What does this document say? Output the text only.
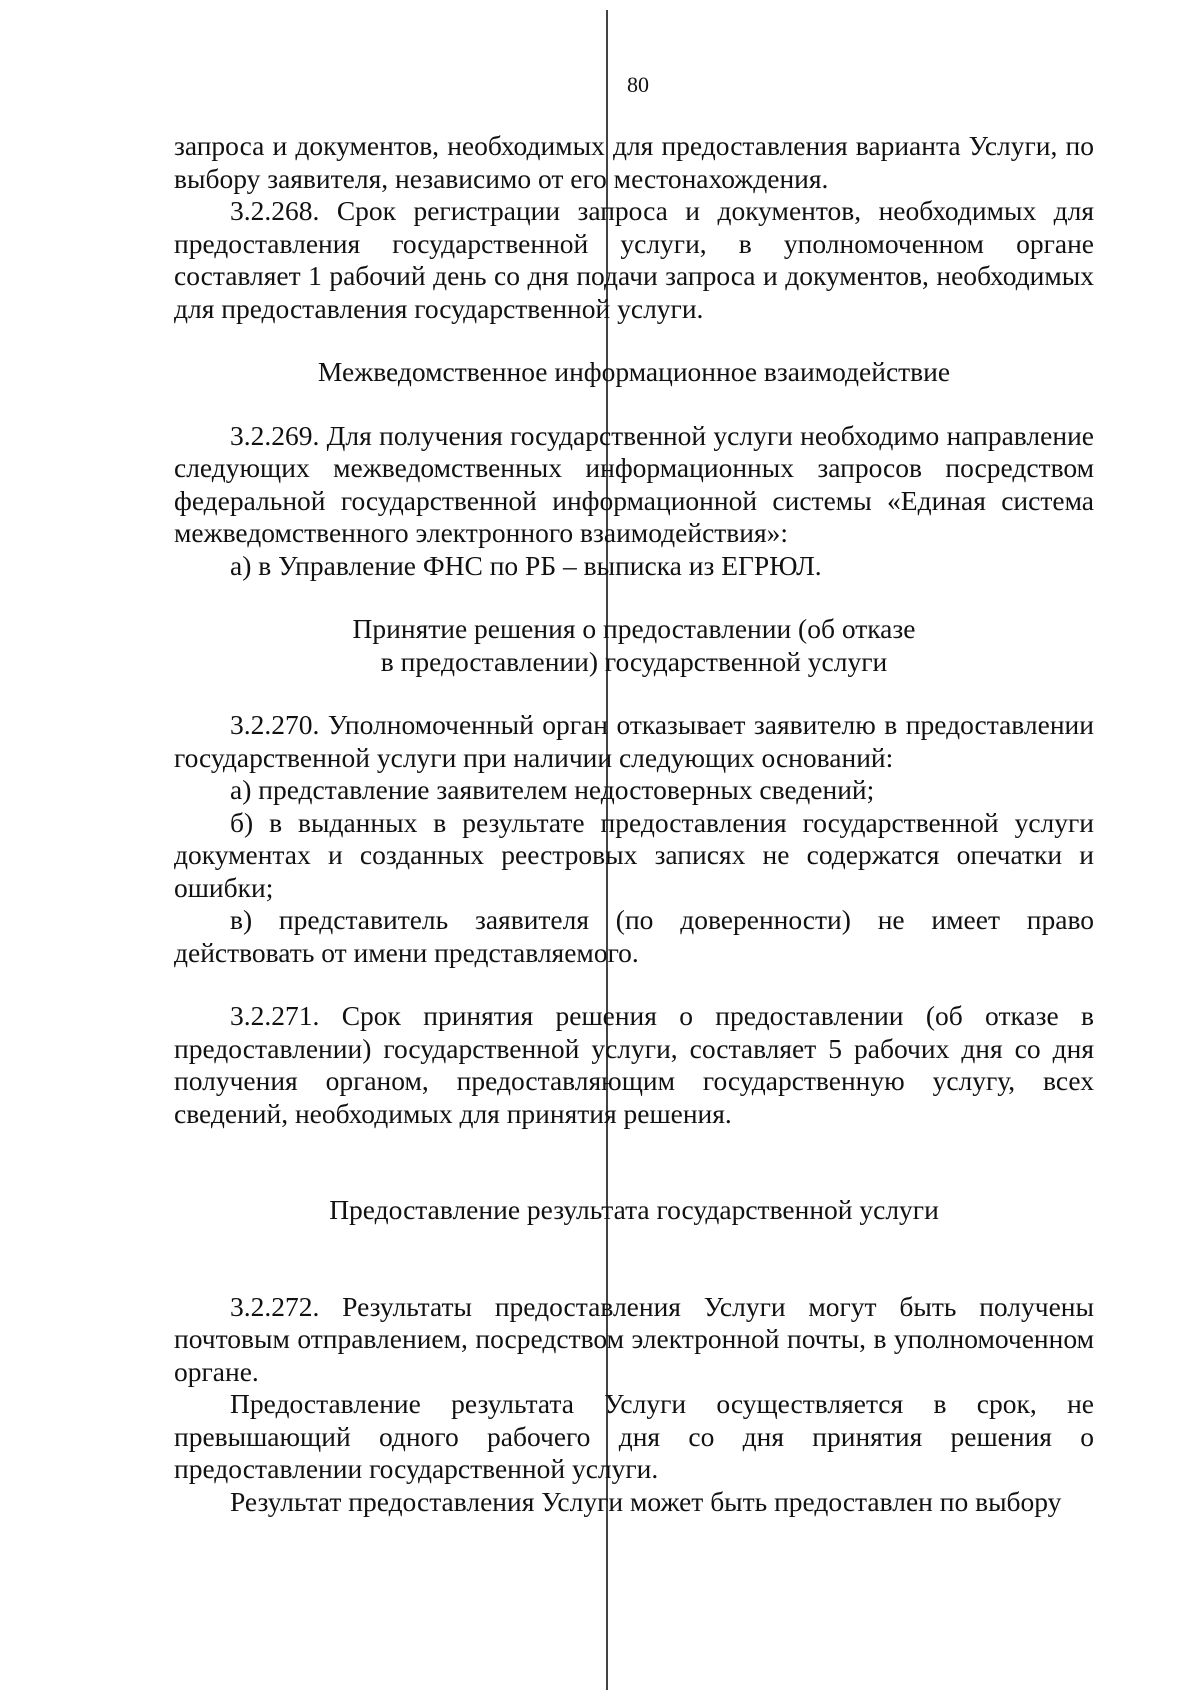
80

запроса и документов, необходимых для предоставления варианта Услуги, по выбору заявителя, независимо от его местонахождения.

3.2.268. Срок регистрации запроса и документов, необходимых для предоставления государственной услуги, в уполномоченном органе составляет 1 рабочий день со дня подачи запроса и документов, необходимых для предоставления государственной услуги.

Межведомственное информационное взаимодействие

3.2.269. Для получения государственной услуги необходимо направление следующих межведомственных информационных запросов посредством федеральной государственной информационной системы «Единая система межведомственного электронного взаимодействия»:

а) в Управление ФНС по РБ – выписка из ЕГРЮЛ.

Принятие решения о предоставлении (об отказе

в предоставлении) государственной услуги

3.2.270. Уполномоченный орган отказывает заявителю в предоставлении государственной услуги при наличии следующих оснований:

а) представление заявителем недостоверных сведений;

б) в выданных в результате предоставления государственной услуги документах и созданных реестровых записях не содержатся опечатки и ошибки;

в) представитель заявителя (по доверенности) не имеет право действовать от имени представляемого.

3.2.271. Срок принятия решения о предоставлении (об отказе в предоставлении) государственной услуги, составляет 5 рабочих дня со дня получения органом, предоставляющим государственную услугу, всех сведений, необходимых для принятия решения.

Предоставление результата государственной услуги

3.2.272. Результаты предоставления Услуги могут быть получены почтовым отправлением, посредством электронной почты, в уполномоченном органе.

Предоставление результата Услуги осуществляется в срок, не превышающий одного рабочего дня со дня принятия решения о предоставлении государственной услуги.

Результат предоставления Услуги может быть предоставлен по выбору
